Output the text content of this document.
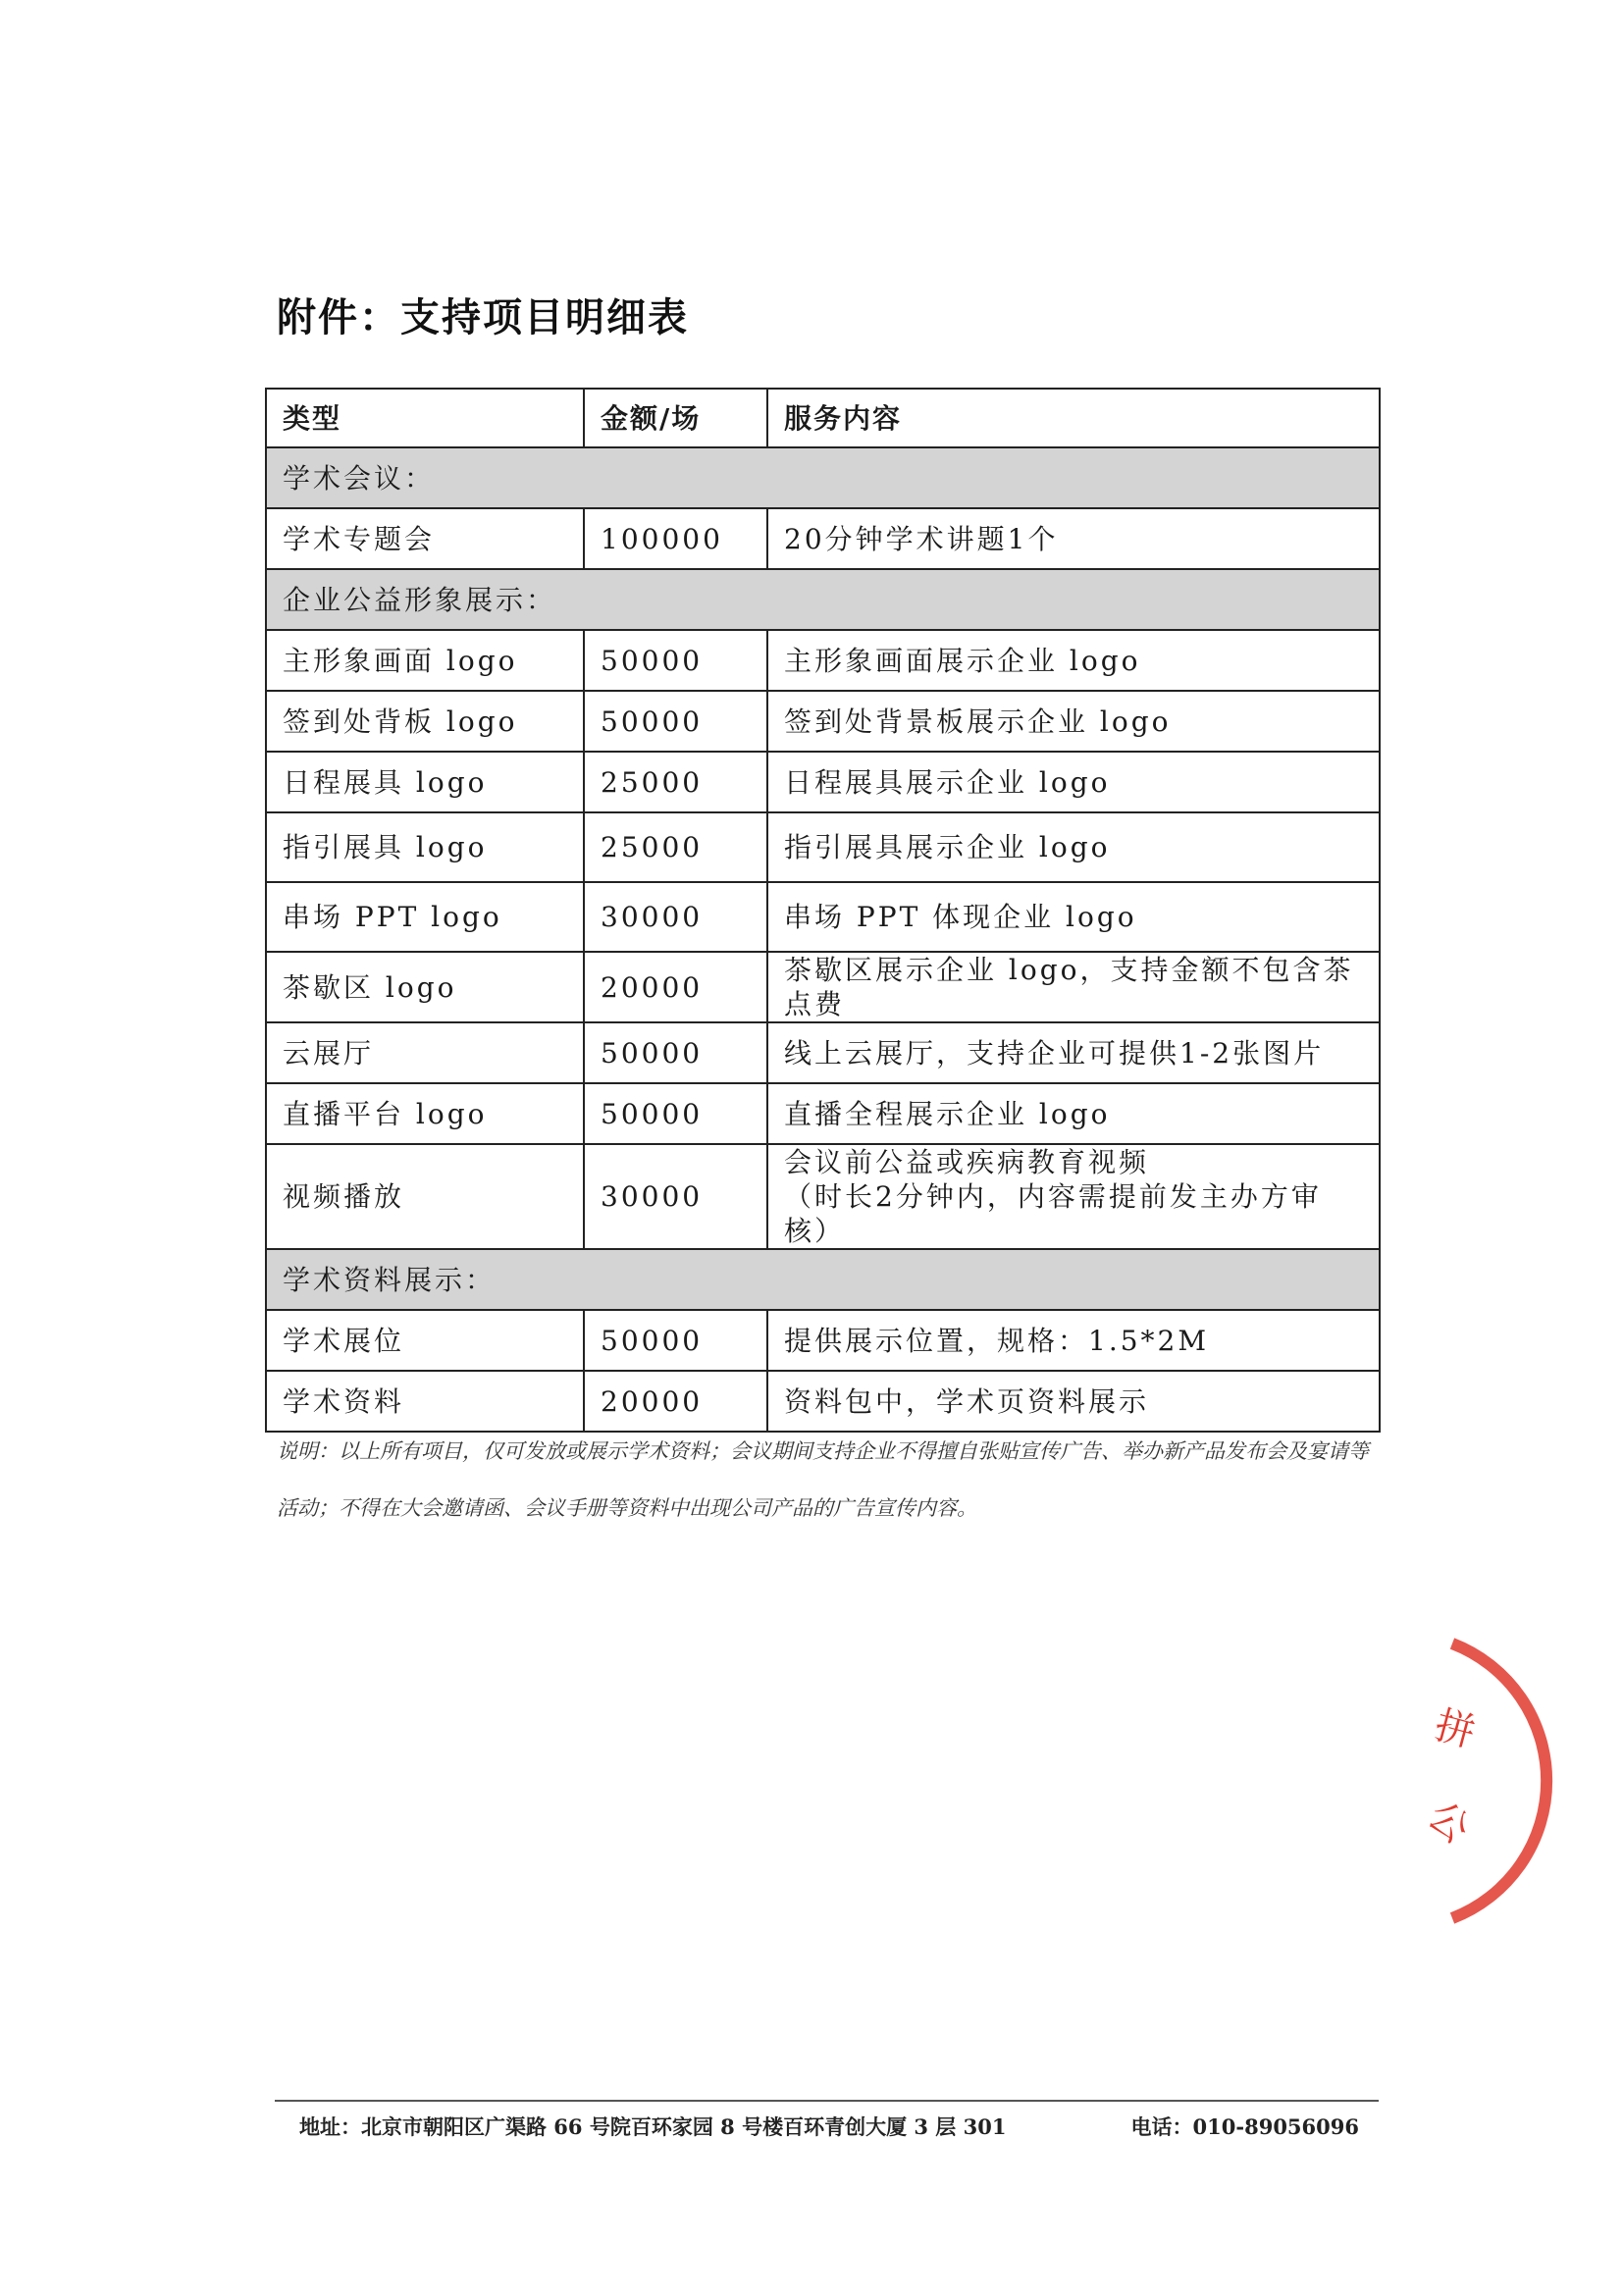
附件：支持项目明细表
类型	金额/场	服务内容
学术会议：		
学术专题会	100000	20分钟学术讲题1个

企业公益形象展示：		
主形象画面 logo	50000	主形象画面展示企业 logo

签到处背板 logo	50000	签到处背景板展示企业 logo

日程展具 logo	25000	日程展具展示企业 logo

指引展具 logo	25000	指引展具展示企业 logo

串场 PPT logo	30000	串场 PPT 体现企业 logo

茶歇区 logo	20000	茶歇区展示企业 logo，支持金额不包含茶点费

云展厅	50000	线上云展厅，支持企业可提供1-2张图片

直播平台 logo	50000	直播全程展示企业 logo

视频播放	30000	会议前公益或疾病教育视频
（时长2分钟内，内容需提前发主办方审核）

学术资料展示：		
学术展位	50000	提供展示位置，规格：1.5*2M

学术资料	20000	资料包中，学术页资料展示
说明：以上所有项目，仅可发放或展示学术资料；会议期间支持企业不得擅自张贴宣传广告、举办新产品发布会及宴请等活动；不得在大会邀请函、会议手册等资料中出现公司产品的广告宣传内容。
拼
公
地址：北京市朝阳区广渠路 66 号院百环家园 8 号楼百环青创大厦 3 层 301	电话：010-89056096
